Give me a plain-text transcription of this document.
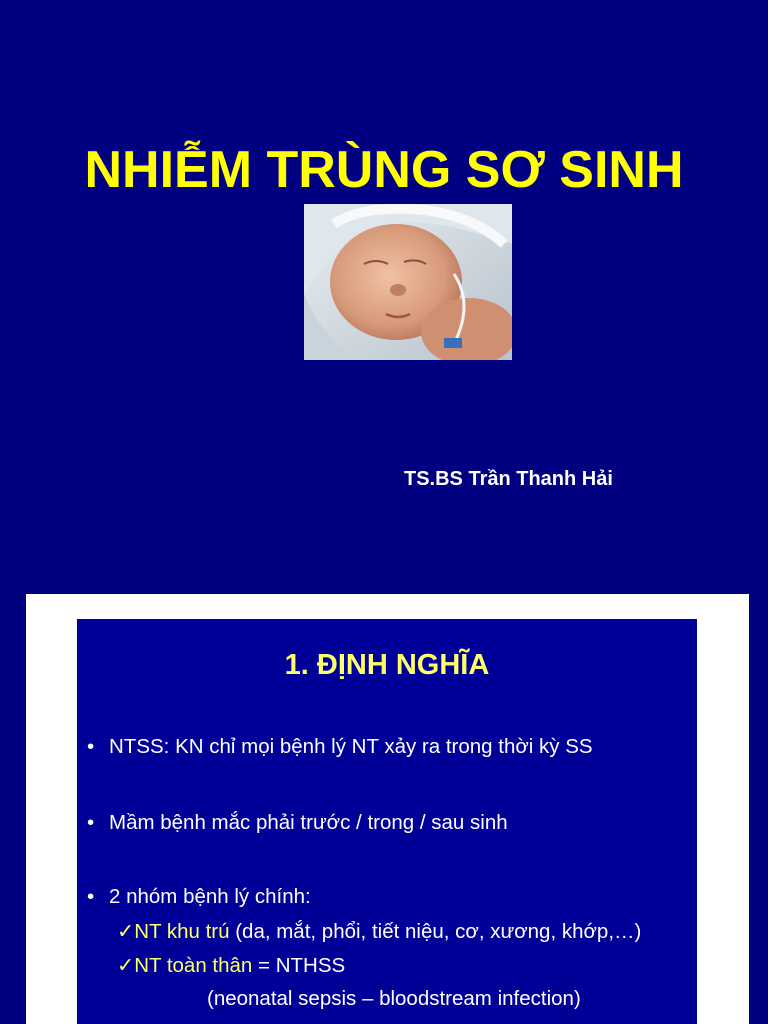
NHIỄM TRÙNG SƠ SINH
TS.BS Trần Thanh Hải
1. ĐỊNH NGHĨA
• NTSS: KN chỉ mọi bệnh lý NT xảy ra trong thời kỳ SS
• Mầm bệnh mắc phải trước / trong / sau sinh
• 2 nhóm bệnh lý chính:
✓NT khu trú (da, mắt, phổi, tiết niệu, cơ, xương, khớp,…)
✓NT toàn thân = NTHSS
(neonatal sepsis – bloodstream infection)
